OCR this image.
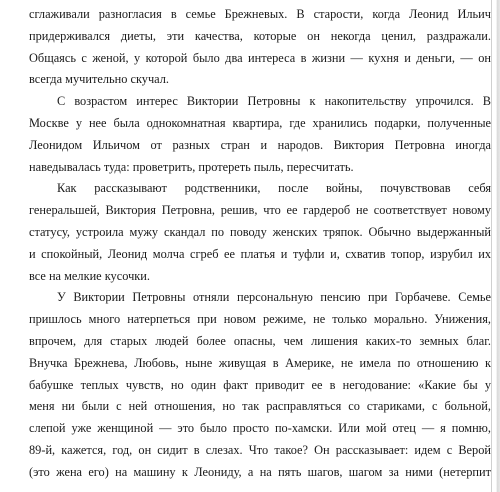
сглаживали разногласия в семье Брежневых. В старости, когда Леонид Ильич
придерживался диеты, эти качества, которые он некогда ценил, раздражали.
Общаясь с женой, у которой было два интереса в жизни — кухня и деньги, — он
всегда мучительно скучал.
С возрастом интерес Виктории Петровны к накопительству упрочился. В
Москве у нее была однокомнатная квартира, где хранились подарки, полученные
Леонидом Ильичом от разных стран и народов. Виктория Петровна иногда
наведывалась туда: проветрить, протереть пыль, пересчитать.
Как рассказывают родственники, после войны, почувствовав себя
генеральшей, Виктория Петровна, решив, что ее гардероб не соответствует новому
статусу, устроила мужу скандал по поводу женских тряпок. Обычно выдержанный
и спокойный, Леонид молча сгреб ее платья и туфли и, схватив топор, изрубил их
все на мелкие кусочки.
У Виктории Петровны отняли персональную пенсию при Горбачеве. Семье
пришлось много натерпеться при новом режиме, не только морально. Унижения,
впрочем, для старых людей более опасны, чем лишения каких-то земных благ.
Внучка Брежнева, Любовь, ныне живущая в Америке, не имела по отношению к
бабушке теплых чувств, но один факт приводит ее в негодование: «Какие бы у
меня ни были с ней отношения, но так расправляться со стариками, с больной,
слепой уже женщиной — это было просто по-хамски. Или мой отец — я помню,
89-й, кажется, год, он сидит в слезах. Что такое? Он рассказывает: идем с Верой
(это жена его) на машину к Леониду, а на пять шагов, шагом за ними (нетерпит
